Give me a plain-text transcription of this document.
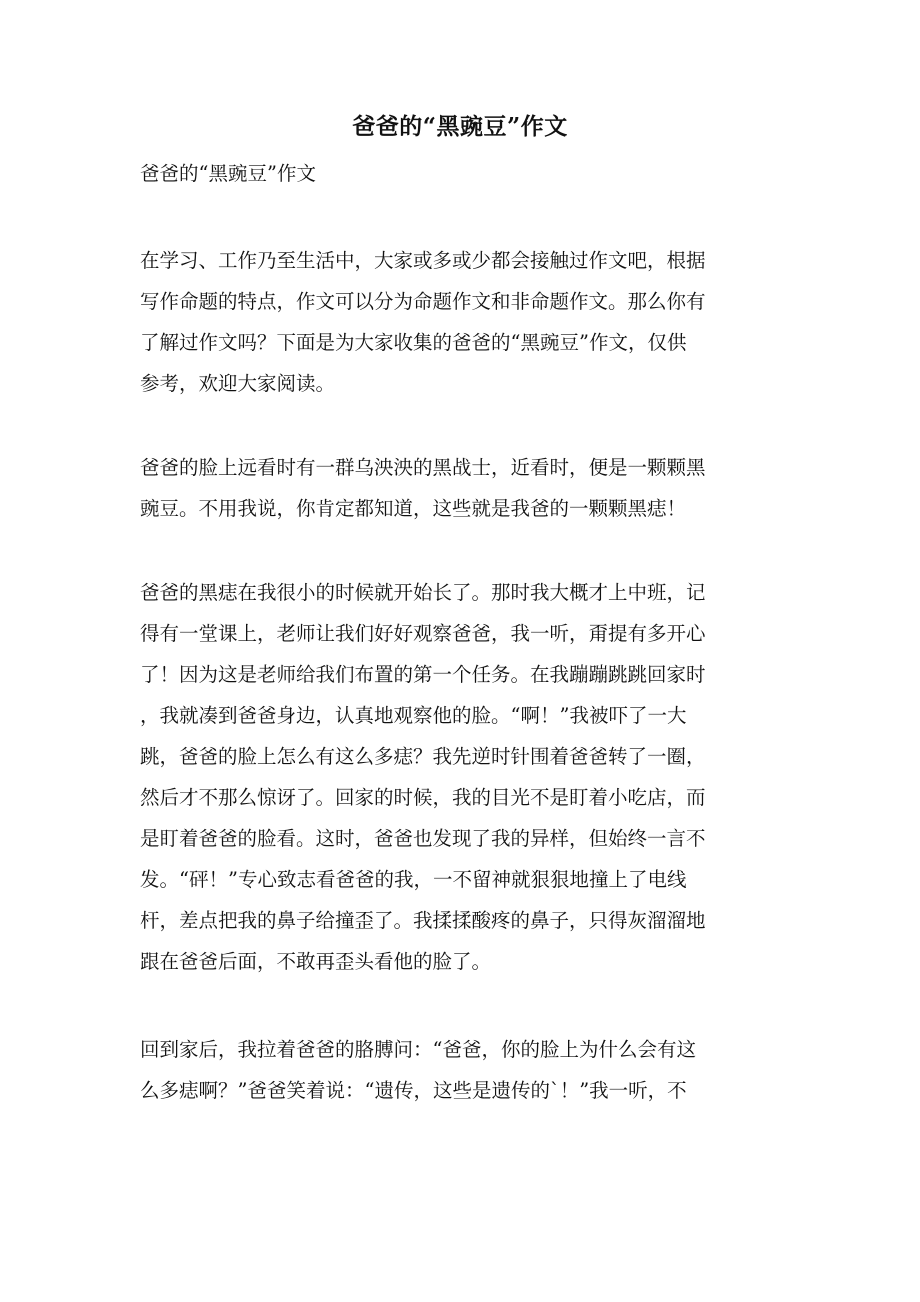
爸爸的“黑豌豆”作文
爸爸的“黑豌豆”作文
在学习、工作乃至生活中，大家或多或少都会接触过作文吧，根据
写作命题的特点，作文可以分为命题作文和非命题作文。那么你有
了解过作文吗？下面是为大家收集的爸爸的“黑豌豆”作文，仅供
参考，欢迎大家阅读。
爸爸的脸上远看时有一群乌泱泱的黑战士，近看时，便是一颗颗黑
豌豆。不用我说，你肯定都知道，这些就是我爸的一颗颗黑痣！
爸爸的黑痣在我很小的时候就开始长了。那时我大概才上中班，记
得有一堂课上，老师让我们好好观察爸爸，我一听，甭提有多开心
了！因为这是老师给我们布置的第一个任务。在我蹦蹦跳跳回家时
，我就凑到爸爸身边，认真地观察他的脸。“啊！”我被吓了一大
跳，爸爸的脸上怎么有这么多痣？我先逆时针围着爸爸转了一圈，
然后才不那么惊讶了。回家的时候，我的目光不是盯着小吃店，而
是盯着爸爸的脸看。这时，爸爸也发现了我的异样，但始终一言不
发。“砰！”专心致志看爸爸的我，一不留神就狠狠地撞上了电线
杆，差点把我的鼻子给撞歪了。我揉揉酸疼的鼻子，只得灰溜溜地
跟在爸爸后面，不敢再歪头看他的脸了。
回到家后，我拉着爸爸的胳膊问：“爸爸，你的脸上为什么会有这
么多痣啊？”爸爸笑着说：“遗传，这些是遗传的`！”我一听，不
